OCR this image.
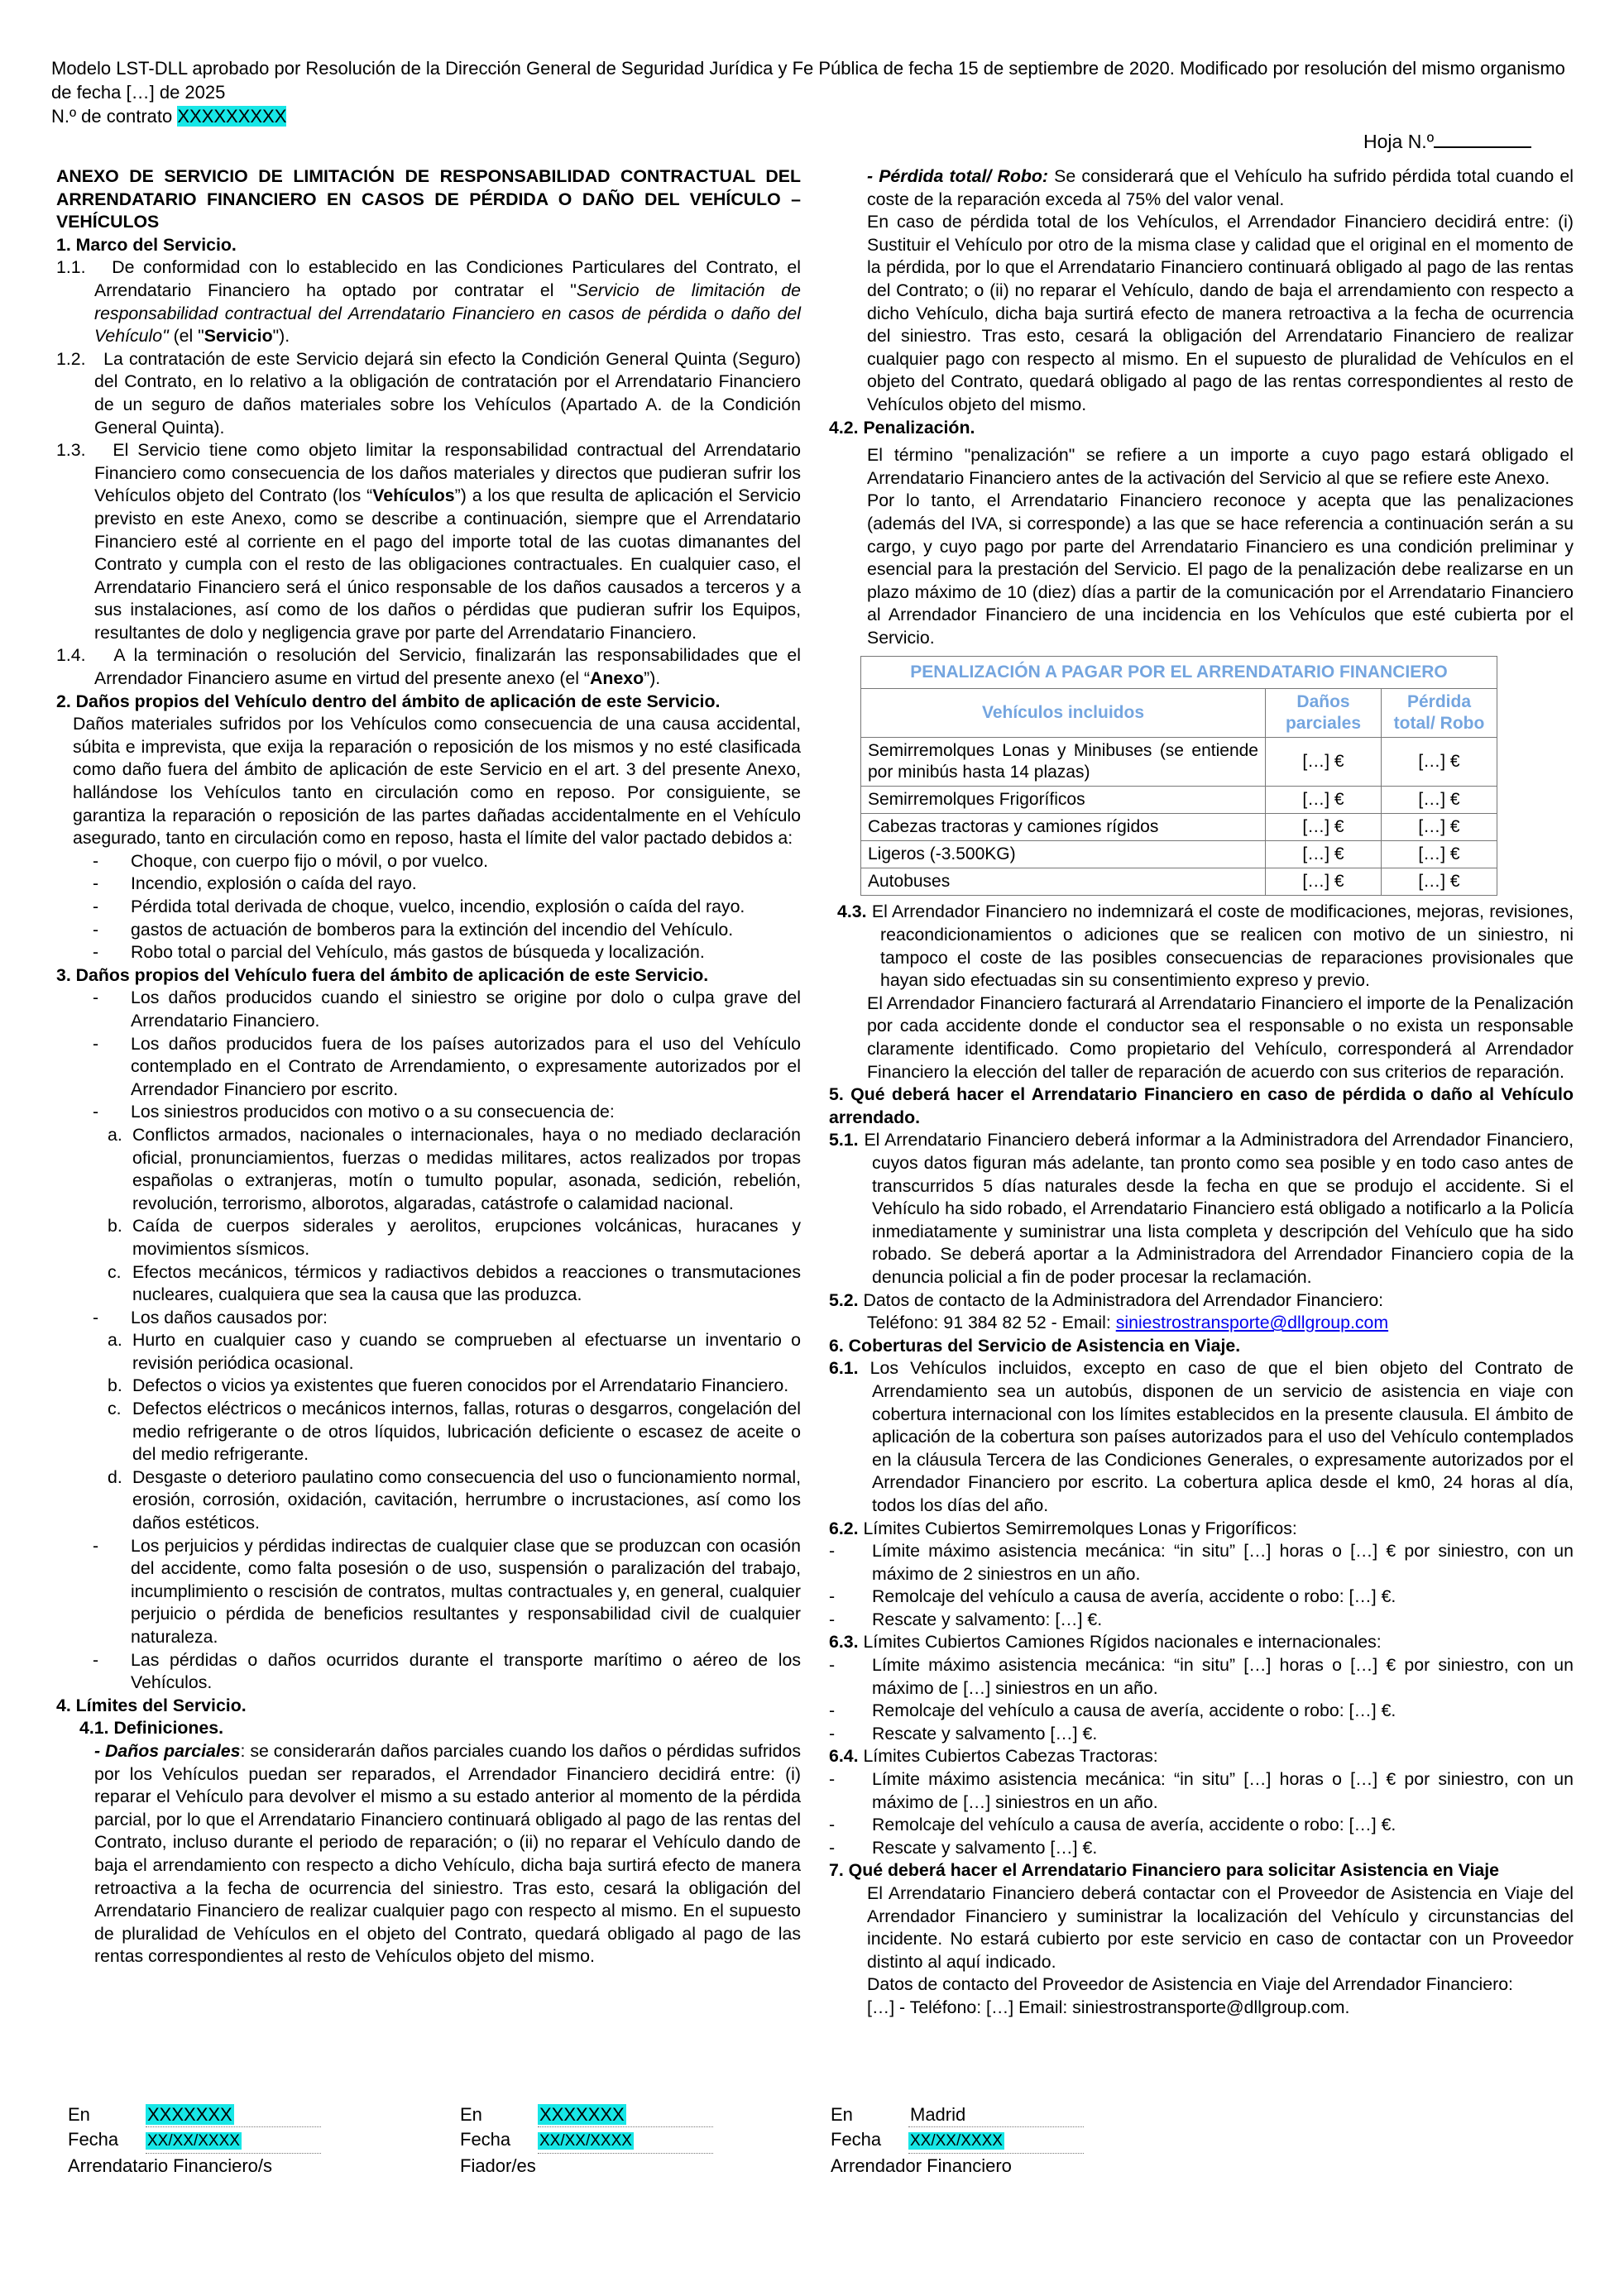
Modelo LST-DLL aprobado por Resolución de la Dirección General de Seguridad Jurídica y Fe Pública de fecha 15 de septiembre de 2020. Modificado por resolución del mismo organismo de fecha […] de 2025

N.º de contrato XXXXXXXXX

Hoja N.º

ANEXO DE SERVICIO DE LIMITACIÓN DE RESPONSABILIDAD CONTRACTUAL DEL ARRENDATARIO FINANCIERO EN CASOS DE PÉRDIDA O DAÑO DEL VEHÍCULO – VEHÍCULOS

1. Marco del Servicio.

1.1.   De conformidad con lo establecido en las Condiciones Particulares del Contrato, el Arrendatario Financiero ha optado por contratar el "Servicio de limitación de responsabilidad contractual del Arrendatario Financiero en casos de pérdida o daño del Vehículo" (el "Servicio").

1.2.   La contratación de este Servicio dejará sin efecto la Condición General Quinta (Seguro) del Contrato, en lo relativo a la obligación de contratación por el Arrendatario Financiero de un seguro de daños materiales sobre los Vehículos (Apartado A. de la Condición General Quinta).

1.3.   El Servicio tiene como objeto limitar la responsabilidad contractual del Arrendatario Financiero como consecuencia de los daños materiales y directos que pudieran sufrir los Vehículos objeto del Contrato (los “Vehículos”) a los que resulta de aplicación el Servicio previsto en este Anexo, como se describe a continuación, siempre que el Arrendatario Financiero esté al corriente en el pago del importe total de las cuotas dimanantes del Contrato y cumpla con el resto de las obligaciones contractuales. En cualquier caso, el Arrendatario Financiero será el único responsable de los daños causados a terceros y a sus instalaciones, así como de los daños o pérdidas que pudieran sufrir los Equipos, resultantes de dolo y negligencia grave por parte del Arrendatario Financiero.

1.4.   A la terminación o resolución del Servicio, finalizarán las responsabilidades que el Arrendador Financiero asume en virtud del presente anexo (el “Anexo”).

2. Daños propios del Vehículo dentro del ámbito de aplicación de este Servicio.

Daños materiales sufridos por los Vehículos como consecuencia de una causa accidental, súbita e imprevista, que exija la reparación o reposición de los mismos y no esté clasificada como daño fuera del ámbito de aplicación de este Servicio en el art. 3 del presente Anexo, hallándose los Vehículos tanto en circulación como en reposo. Por consiguiente, se garantiza la reparación o reposición de las partes dañadas accidentalmente en el Vehículo asegurado, tanto en circulación como en reposo, hasta el límite del valor pactado debidos a:

- Choque, con cuerpo fijo o móvil, o por vuelco.

- Incendio, explosión o caída del rayo.

- Pérdida total derivada de choque, vuelco, incendio, explosión o caída del rayo.

- gastos de actuación de bomberos para la extinción del incendio del Vehículo.

- Robo total o parcial del Vehículo, más gastos de búsqueda y localización.

3. Daños propios del Vehículo fuera del ámbito de aplicación de este Servicio.

- Los daños producidos cuando el siniestro se origine por dolo o culpa grave del Arrendatario Financiero.

- Los daños producidos fuera de los países autorizados para el uso del Vehículo contemplado en el Contrato de Arrendamiento, o expresamente autorizados por el Arrendador Financiero por escrito.

- Los siniestros producidos con motivo o a su consecuencia de:

a. Conflictos armados, nacionales o internacionales, haya o no mediado declaración oficial, pronunciamientos, fuerzas o medidas militares, actos realizados por tropas españolas o extranjeras, motín o tumulto popular, asonada, sedición, rebelión, revolución, terrorismo, alborotos, algaradas, catástrofe o calamidad nacional.

b. Caída de cuerpos siderales y aerolitos, erupciones volcánicas, huracanes y movimientos sísmicos.

c. Efectos mecánicos, térmicos y radiactivos debidos a reacciones o transmutaciones nucleares, cualquiera que sea la causa que las produzca.

- Los daños causados por:

a. Hurto en cualquier caso y cuando se comprueben al efectuarse un inventario o revisión periódica ocasional.

b. Defectos o vicios ya existentes que fueren conocidos por el Arrendatario Financiero.

c. Defectos eléctricos o mecánicos internos, fallas, roturas o desgarros, congelación del medio refrigerante o de otros líquidos, lubricación deficiente o escasez de aceite o del medio refrigerante.

d. Desgaste o deterioro paulatino como consecuencia del uso o funcionamiento normal, erosión, corrosión, oxidación, cavitación, herrumbre o incrustaciones, así como los daños estéticos.

- Los perjuicios y pérdidas indirectas de cualquier clase que se produzcan con ocasión del accidente, como falta posesión o de uso, suspensión o paralización del trabajo, incumplimiento o rescisión de contratos, multas contractuales y, en general, cualquier perjuicio o pérdida de beneficios resultantes y responsabilidad civil de cualquier naturaleza.

- Las pérdidas o daños ocurridos durante el transporte marítimo o aéreo de los Vehículos.

4. Límites del Servicio.

4.1. Definiciones.

- Daños parciales: se considerarán daños parciales cuando los daños o pérdidas sufridos por los Vehículos puedan ser reparados, el Arrendador Financiero decidirá entre: (i) reparar el Vehículo para devolver el mismo a su estado anterior al momento de la pérdida parcial, por lo que el Arrendatario Financiero continuará obligado al pago de las rentas del Contrato, incluso durante el periodo de reparación; o (ii) no reparar el Vehículo dando de baja el arrendamiento con respecto a dicho Vehículo, dicha baja surtirá efecto de manera retroactiva a la fecha de ocurrencia del siniestro. Tras esto, cesará la obligación del Arrendatario Financiero de realizar cualquier pago con respecto al mismo. En el supuesto de pluralidad de Vehículos en el objeto del Contrato, quedará obligado al pago de las rentas correspondientes al resto de Vehículos objeto del mismo.

- Pérdida total/ Robo: Se considerará que el Vehículo ha sufrido pérdida total cuando el coste de la reparación exceda al 75% del valor venal.

En caso de pérdida total de los Vehículos, el Arrendador Financiero decidirá entre: (i) Sustituir el Vehículo por otro de la misma clase y calidad que el original en el momento de la pérdida, por lo que el Arrendatario Financiero continuará obligado al pago de las rentas del Contrato; o (ii) no reparar el Vehículo, dando de baja el arrendamiento con respecto a dicho Vehículo, dicha baja surtirá efecto de manera retroactiva a la fecha de ocurrencia del siniestro. Tras esto, cesará la obligación del Arrendatario Financiero de realizar cualquier pago con respecto al mismo. En el supuesto de pluralidad de Vehículos en el objeto del Contrato, quedará obligado al pago de las rentas correspondientes al resto de Vehículos objeto del mismo.

4.2. Penalización.

El término "penalización" se refiere a un importe a cuyo pago estará obligado el Arrendatario Financiero antes de la activación del Servicio al que se refiere este Anexo.

Por lo tanto, el Arrendatario Financiero reconoce y acepta que las penalizaciones (además del IVA, si corresponde) a las que se hace referencia a continuación serán a su cargo, y cuyo pago por parte del Arrendatario Financiero es una condición preliminar y esencial para la prestación del Servicio. El pago de la penalización debe realizarse en un plazo máximo de 10 (diez) días a partir de la comunicación por el Arrendatario Financiero al Arrendador Financiero de una incidencia en los Vehículos que esté cubierta por el Servicio.

PENALIZACIÓN A PAGAR POR EL ARRENDATARIO FINANCIERO		
Vehículos incluidos	Daños parciales	Pérdida total/ Robo
Semirremolques Lonas y Minibuses (se entiende por minibús hasta 14 plazas)	[…] €	[…] €
Semirremolques Frigoríficos	[…] €	[…] €
Cabezas tractoras y camiones rígidos	[…] €	[…] €
Ligeros (-3.500KG)	[…] €	[…] €
Autobuses	[…] €	[…] €

4.3. El Arrendador Financiero no indemnizará el coste de modificaciones, mejoras, revisiones, reacondicionamientos o adiciones que se realicen con motivo de un siniestro, ni tampoco el coste de las posibles consecuencias de reparaciones provisionales que hayan sido efectuadas sin su consentimiento expreso y previo.

El Arrendador Financiero facturará al Arrendatario Financiero el importe de la Penalización por cada accidente donde el conductor sea el responsable o no exista un responsable claramente identificado. Como propietario del Vehículo, corresponderá al Arrendador Financiero la elección del taller de reparación de acuerdo con sus criterios de reparación.

5. Qué deberá hacer el Arrendatario Financiero en caso de pérdida o daño al Vehículo arrendado.

5.1. El Arrendatario Financiero deberá informar a la Administradora del Arrendador Financiero, cuyos datos figuran más adelante, tan pronto como sea posible y en todo caso antes de transcurridos 5 días naturales desde la fecha en que se produjo el accidente. Si el Vehículo ha sido robado, el Arrendatario Financiero está obligado a notificarlo a la Policía inmediatamente y suministrar una lista completa y descripción del Vehículo que ha sido robado. Se deberá aportar a la Administradora del Arrendador Financiero copia de la denuncia policial a fin de poder procesar la reclamación.

5.2. Datos de contacto de la Administradora del Arrendador Financiero:

Teléfono: 91 384 82 52 - Email: siniestrostransporte@dllgroup.com

6. Coberturas del Servicio de Asistencia en Viaje.

6.1. Los Vehículos incluidos, excepto en caso de que el bien objeto del Contrato de Arrendamiento sea un autobús, disponen de un servicio de asistencia en viaje con cobertura internacional con los límites establecidos en la presente clausula. El ámbito de aplicación de la cobertura son países autorizados para el uso del Vehículo contemplados en la cláusula Tercera de las Condiciones Generales, o expresamente autorizados por el Arrendador Financiero por escrito. La cobertura aplica desde el km0, 24 horas al día, todos los días del año.

6.2. Límites Cubiertos Semirremolques Lonas y Frigoríficos:

- Límite máximo asistencia mecánica: “in situ” […] horas o […] € por siniestro, con un máximo de 2 siniestros en un año.

- Remolcaje del vehículo a causa de avería, accidente o robo: […] €.

- Rescate y salvamento: […] €.

6.3. Límites Cubiertos Camiones Rígidos nacionales e internacionales:

- Límite máximo asistencia mecánica: “in situ” […] horas o […] € por siniestro, con un máximo de […] siniestros en un año.

- Remolcaje del vehículo a causa de avería, accidente o robo: […] €.

- Rescate y salvamento […] €.

6.4. Límites Cubiertos Cabezas Tractoras:

- Límite máximo asistencia mecánica: “in situ” […] horas o […] € por siniestro, con un máximo de […] siniestros en un año.

- Remolcaje del vehículo a causa de avería, accidente o robo: […] €.

- Rescate y salvamento […] €.

7. Qué deberá hacer el Arrendatario Financiero para solicitar Asistencia en Viaje

El Arrendatario Financiero deberá contactar con el Proveedor de Asistencia en Viaje del Arrendador Financiero y suministrar la localización del Vehículo y circunstancias del incidente. No estará cubierto por este servicio en caso de contactar con un Proveedor distinto al aquí indicado.

Datos de contacto del Proveedor de Asistencia en Viaje del Arrendador Financiero:

[…] - Teléfono: […] Email: siniestrostransporte@dllgroup.com.

En	XXXXXXX
Fecha	XX/XX/XXXX
Arrendatario Financiero/s
En	XXXXXXX
Fecha	XX/XX/XXXX
Fiador/es
En	Madrid
Fecha	XX/XX/XXXX
Arrendador Financiero
